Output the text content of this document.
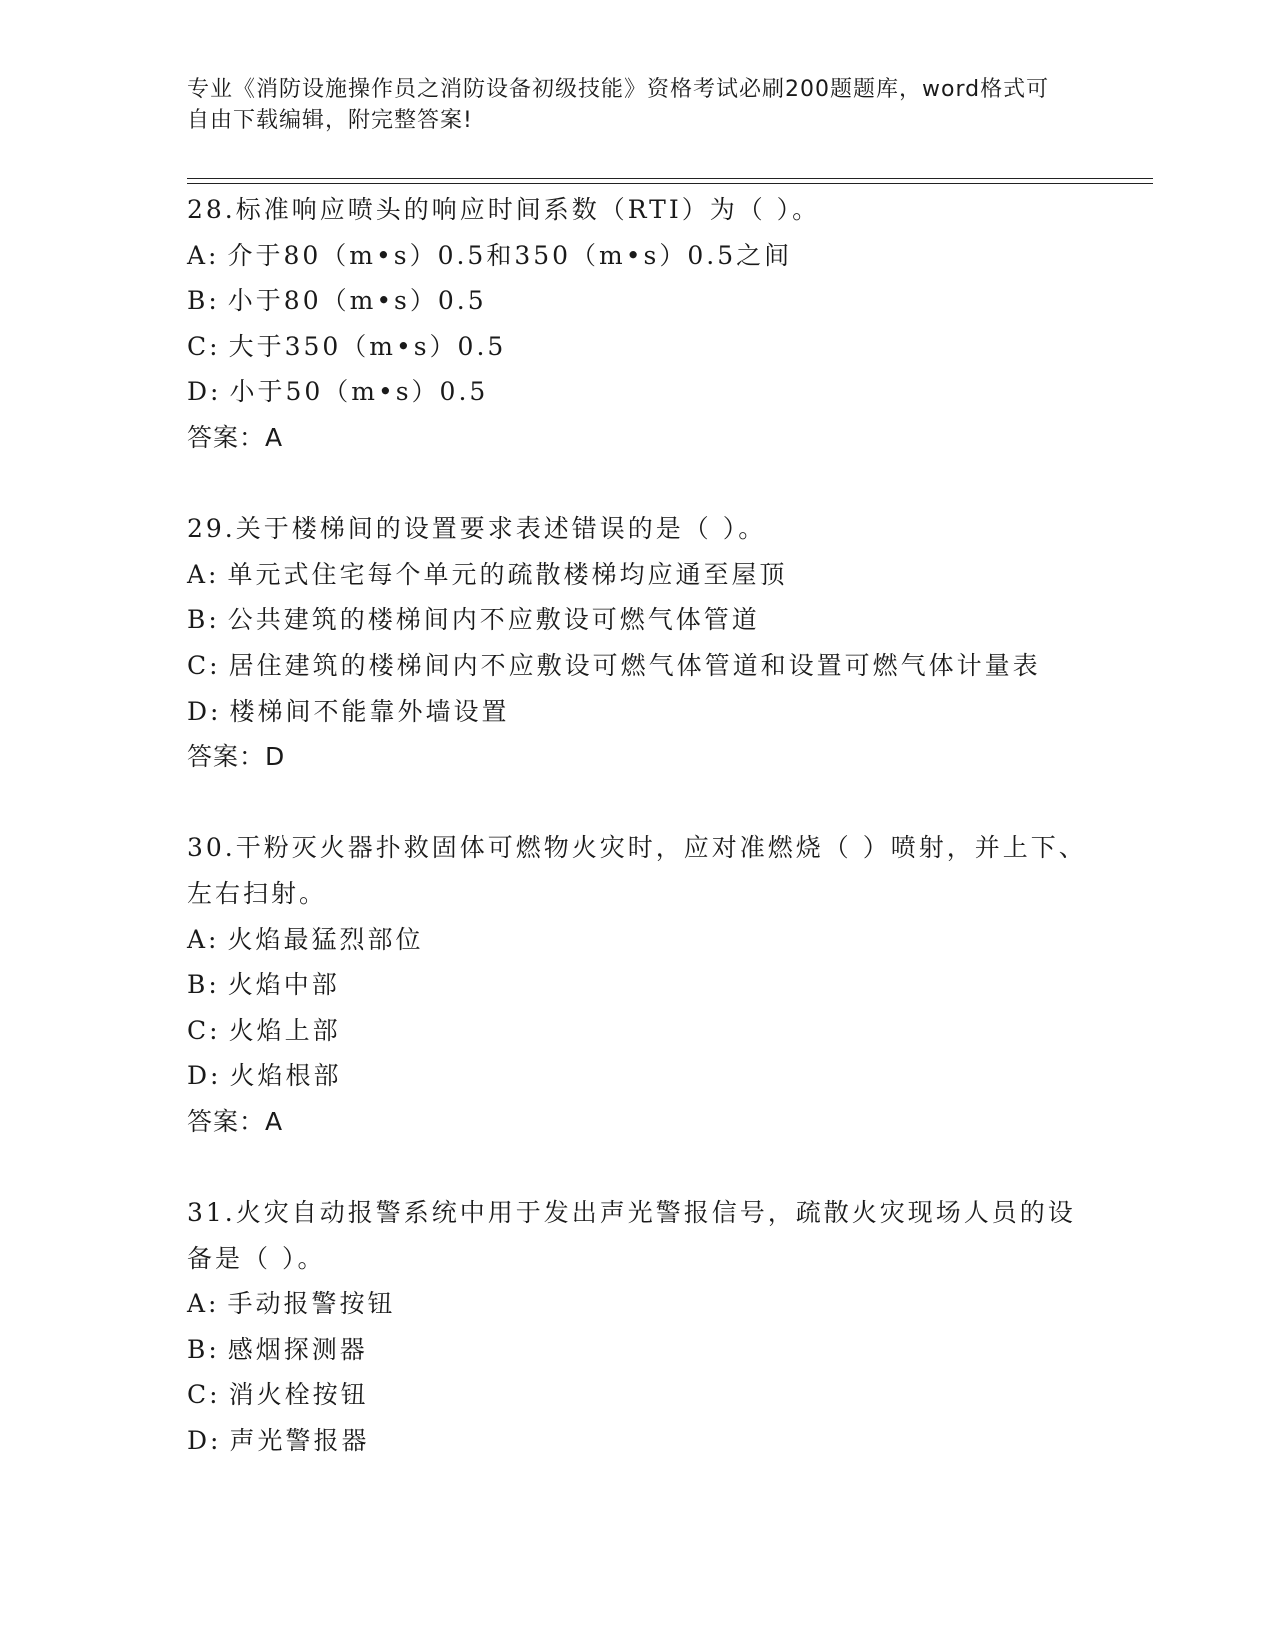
专业《消防设施操作员之消防设备初级技能》资格考试必刷200题题库，word格式可自由下载编辑，附完整答案!
28.标准响应喷头的响应时间系数（RTI）为（ ）。
A: 介于80（m•s）0.5和350（m•s）0.5之间
B: 小于80（m•s）0.5
C: 大于350（m•s）0.5
D: 小于50（m•s）0.5
答案：A
29.关于楼梯间的设置要求表述错误的是（ ）。
A: 单元式住宅每个单元的疏散楼梯均应通至屋顶
B: 公共建筑的楼梯间内不应敷设可燃气体管道
C: 居住建筑的楼梯间内不应敷设可燃气体管道和设置可燃气体计量表
D: 楼梯间不能靠外墙设置
答案：D
30.干粉灭火器扑救固体可燃物火灾时，应对准燃烧（ ）喷射，并上下、左右扫射。
A: 火焰最猛烈部位
B: 火焰中部
C: 火焰上部
D: 火焰根部
答案：A
31.火灾自动报警系统中用于发出声光警报信号，疏散火灾现场人员的设备是（ ）。
A: 手动报警按钮
B: 感烟探测器
C: 消火栓按钮
D: 声光警报器
